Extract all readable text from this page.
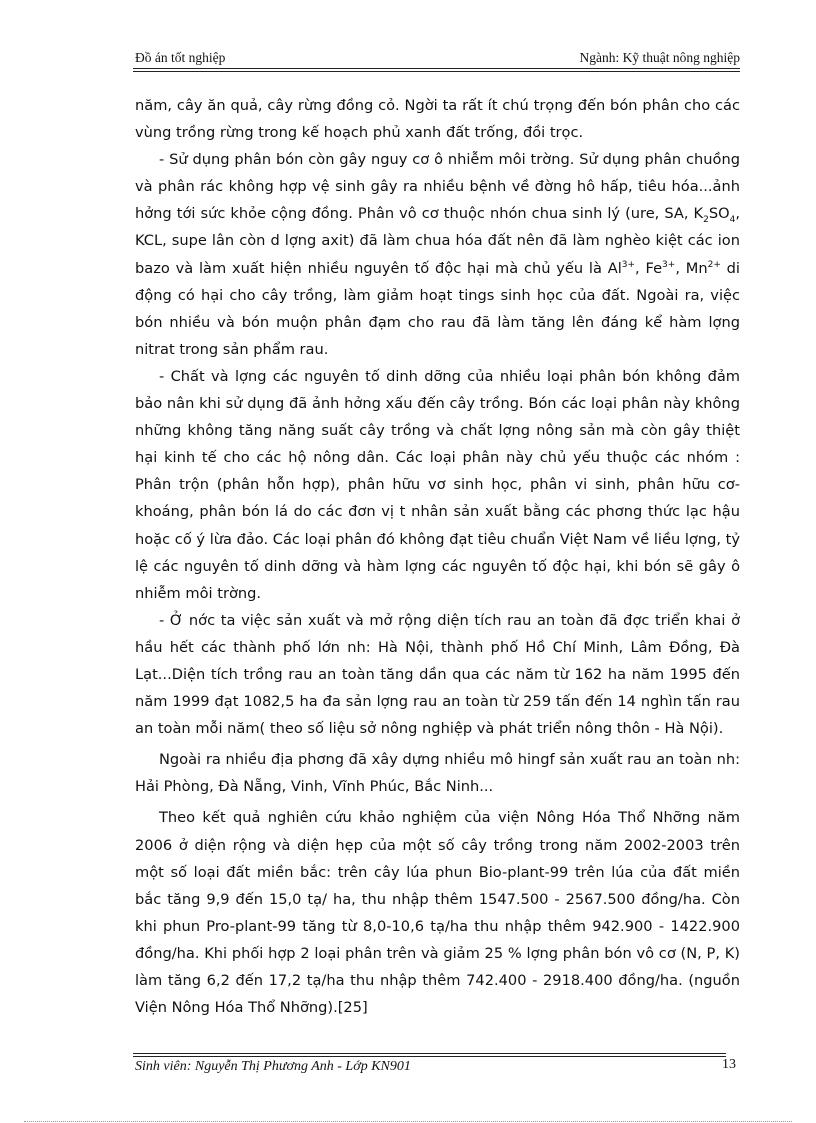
Đồ án tốt nghiệp	Ngành: Kỹ thuật nông nghiệp

năm, cây ăn quả, cây rừng đồng cỏ. Ngời ta rất ít chú trọng đến bón phân cho các vùng trồng rừng trong kế hoạch phủ xanh đất trống, đồi trọc.

- Sử dụng phân bón còn gây nguy cơ ô nhiễm môi trờng. Sử dụng phân chuồng và phân rác không hợp vệ sinh gây ra nhiều bệnh về đờng hô hấp, tiêu hóa...ảnh hởng tới sức khỏe cộng đồng. Phân vô cơ thuộc nhón chua sinh lý (ure, SA, $K_2SO_4$, KCL, supe lân còn d lợng axit) đã làm chua hóa đất nên đã làm nghèo kiệt các ion bazo và làm xuất hiện nhiều nguyên tố độc hại mà chủ yếu là $Al^{3+}$, $Fe^{3+}$, $Mn^{2+}$ di động có hại cho cây trồng, làm giảm hoạt tings sinh học của đất. Ngoài ra, việc bón nhiều và bón muộn phân đạm cho rau đã làm tăng lên đáng kể hàm lợng nitrat trong sản phẩm rau.

- Chất và lợng các nguyên tố dinh dỡng của nhiều loại phân bón không đảm bảo nân khi sử dụng đã ảnh hởng xấu đến cây trồng. Bón các loại phân này không những không tăng năng suất cây trồng và chất lợng nông sản mà còn gây thiệt hại kinh tế cho các hộ nông dân. Các loại phân này chủ yếu thuộc các nhóm : Phân trộn (phân hỗn hợp), phân hữu vơ sinh học, phân vi sinh, phân hữu cơ- khoáng, phân bón lá do các đơn vị t nhân sản xuất bằng các phơng thức lạc hậu hoặc cố ý lừa đảo. Các loại phân đó không đạt tiêu chuẩn Việt Nam về liều lợng, tỷ lệ các nguyên tố dinh dỡng và hàm lợng các nguyên tố độc hại, khi bón sẽ gây ô nhiễm môi trờng.

- Ở nớc ta việc sản xuất và mở rộng diện tích rau an toàn đã đợc triển khai ở hầu hết các thành phố lớn nh: Hà Nội, thành phố Hồ Chí Minh, Lâm Đồng, Đà Lạt...Diện tích trồng rau an toàn tăng dần qua các năm từ 162 ha năm 1995 đến năm 1999 đạt 1082,5 ha đa sản lợng rau an toàn từ 259 tấn đến 14 nghìn tấn rau an toàn mỗi năm( theo số liệu sở nông nghiệp và phát triển nông thôn - Hà Nội).

Ngoài ra nhiều địa phơng đã xây dựng nhiều mô hingf sản xuất rau an toàn nh: Hải Phòng, Đà Nẵng, Vinh, Vĩnh Phúc, Bắc Ninh...

Theo kết quả nghiên cứu khảo nghiệm của viện Nông Hóa Thổ Nhỡng năm 2006 ở diện rộng và diện hẹp của một số cây trồng trong năm 2002-2003 trên một số loại đất miền bắc: trên cây lúa phun Bio-plant-99 trên lúa của đất miền bắc tăng 9,9 đến 15,0 tạ/ ha, thu nhập thêm 1547.500 - 2567.500 đồng/ha. Còn khi phun Pro-plant-99 tăng từ 8,0-10,6 tạ/ha thu nhập thêm 942.900 - 1422.900 đồng/ha. Khi phối hợp 2 loại phân trên và giảm 25 % lợng phân bón vô cơ (N, P, K) làm tăng 6,2 đến 17,2 tạ/ha thu nhập thêm 742.400 - 2918.400 đồng/ha. (nguồn Viện Nông Hóa Thổ Nhỡng).[25]

Sinh viên: Nguyễn Thị Phương Anh - Lớp KN901	13
